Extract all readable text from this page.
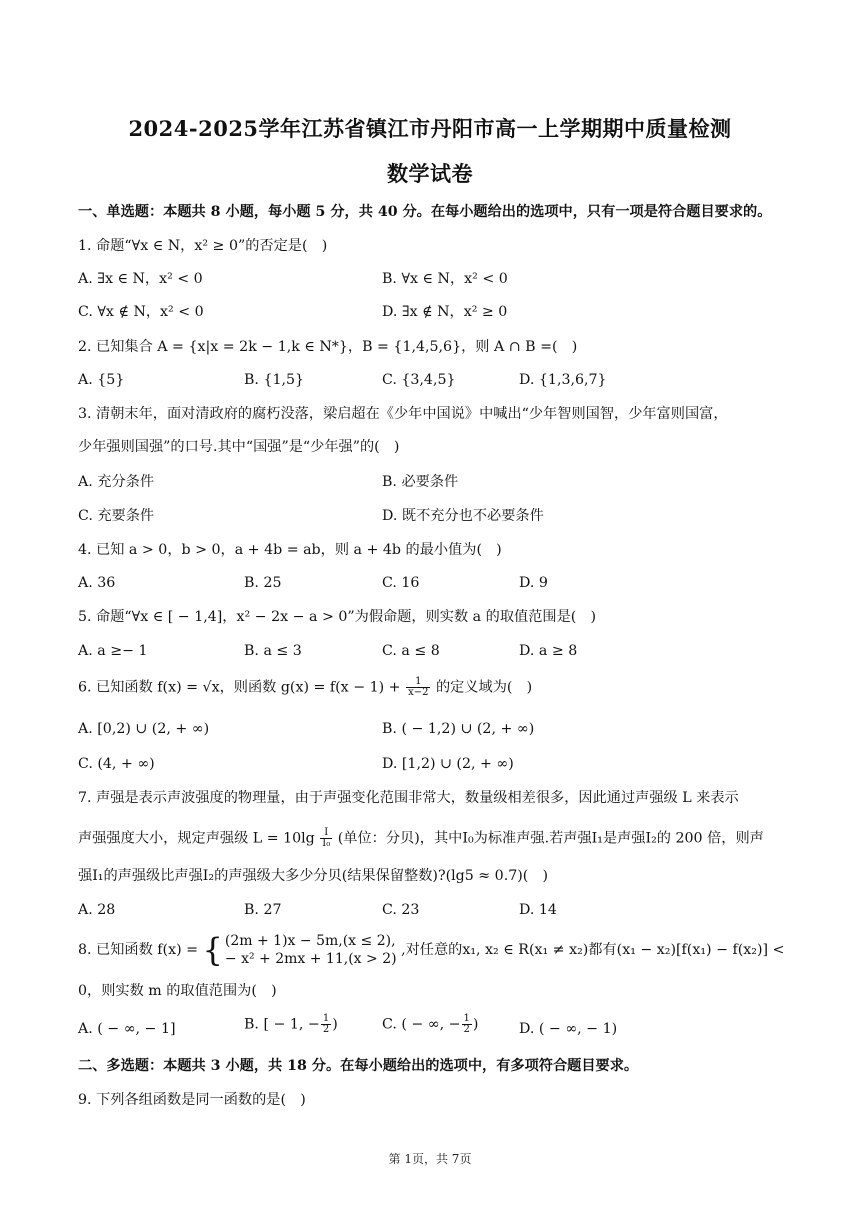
2024-2025学年江苏省镇江市丹阳市高一上学期期中质量检测
数学试卷
一、单选题：本题共 8 小题，每小题 5 分，共 40 分。在每小题给出的选项中，只有一项是符合题目要求的。
1. 命题“∀x ∈ N，x² ≥ 0”的否定是(　)
A. ∃x ∈ N，x² < 0	B. ∀x ∈ N，x² < 0
C. ∀x ∉ N，x² < 0	D. ∃x ∉ N，x² ≥ 0
2. 已知集合 A = {x|x = 2k − 1,k ∈ N*}，B = {1,4,5,6}，则 A ∩ B =(　)
A. {5}	B. {1,5}	C. {3,4,5}	D. {1,3,6,7}
3. 清朝末年，面对清政府的腐朽没落，梁启超在《少年中国说》中喊出“少年智则国智，少年富则国富，
少年强则国强”的口号.其中“国强”是“少年强”的(　)
A. 充分条件	B. 必要条件
C. 充要条件	D. 既不充分也不必要条件
4. 已知 a > 0，b > 0，a + 4b = ab，则 a + 4b 的最小值为(　)
A. 36	B. 25	C. 16	D. 9
5. 命题“∀x ∈ [ − 1,4]，x² − 2x − a > 0”为假命题，则实数 a 的取值范围是(　)
A. a ≥− 1	B. a ≤ 3	C. a ≤ 8	D. a ≥ 8
6. 已知函数 f(x) = √x，则函数 $g(x) = f(x - 1) + \frac{1}{x-2}$ 的定义域为(　)
A. [0,2) ∪ (2, + ∞)	B. ( − 1,2) ∪ (2, + ∞)
C. (4, + ∞)	D. [1,2) ∪ (2, + ∞)
7. 声强是表示声波强度的物理量，由于声强变化范围非常大，数量级相差很多，因此通过声强级 L 来表示
声强强度大小，规定声强级 $L = 10\lg \frac{I}{\text{I₀}}$ (单位：分贝)，其中I₀为标准声强.若声强I₁是声强I₂的 200 倍，则声
强I₁的声强级比声强I₂的声强级大多少分贝(结果保留整数)?(lg5 ≈ 0.7)(　)
A. 28	B. 27	C. 23	D. 14
8. 已知函数 f(x) = { (2m + 1)x − 5m,(x ≤ 2),
− x² + 2mx + 11,(x > 2)
,对任意的x₁, x₂ ∈ R(x₁ ≠ x₂)都有(x₁ − x₂)[f(x₁) − f(x₂)] <
0，则实数 m 的取值范围为(　)
A. ( − ∞, − 1]	B. [ − 1, − $\frac{1}{2}$ )	C. ( − ∞, − $\frac{1}{2}$ )	D. ( − ∞, − 1)
二、多选题：本题共 3 小题，共 18 分。在每小题给出的选项中，有多项符合题目要求。
9. 下列各组函数是同一函数的是(　)
第 1页，共 7页
